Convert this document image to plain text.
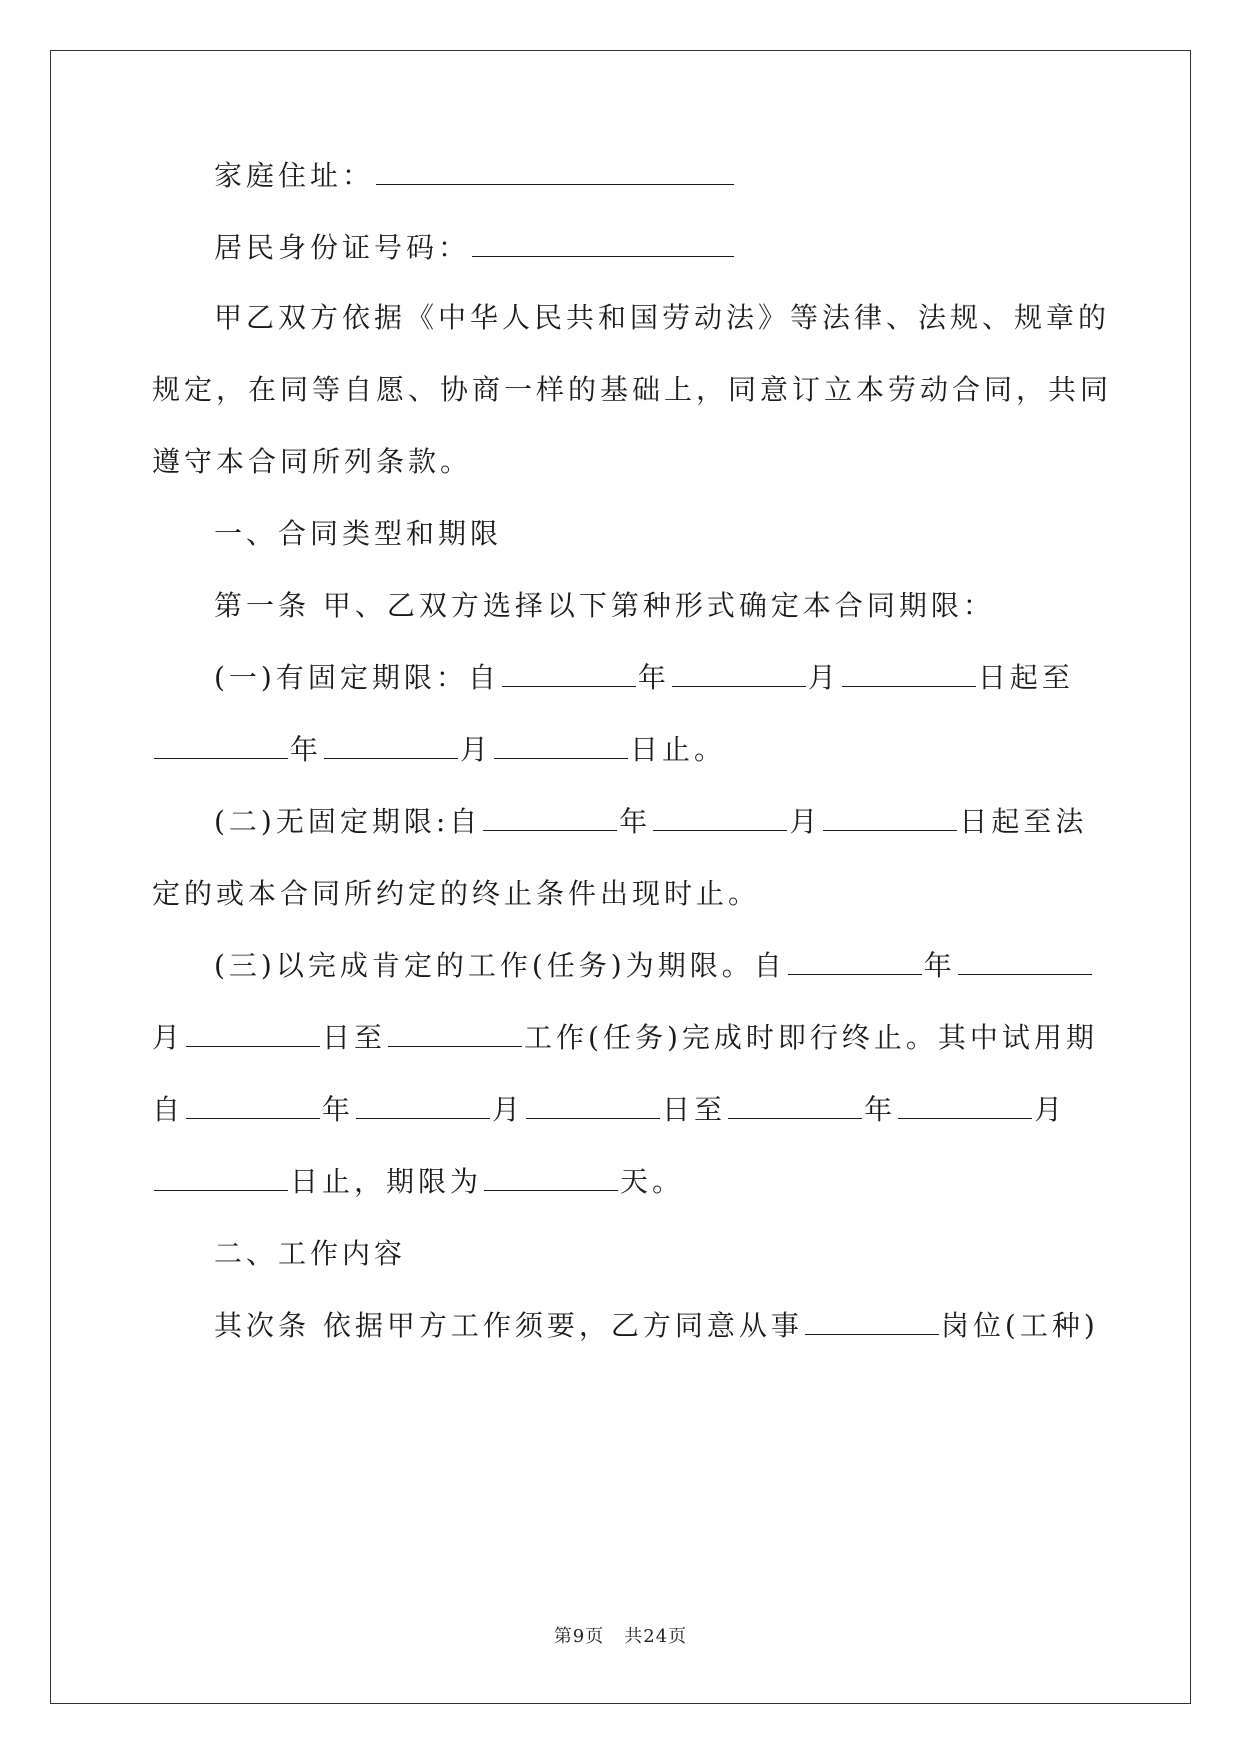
家庭住址：
居民身份证号码：
甲乙双方依据《中华人民共和国劳动法》等法律、法规、规章的
规定，在同等自愿、协商一样的基础上，同意订立本劳动合同，共同
遵守本合同所列条款。
一、合同类型和期限
第一条 甲、乙双方选择以下第种形式确定本合同期限：
(一)有固定期限：自	年	月	日起至
年	月	日止。
(二)无固定期限:自	年	月	日起至法
定的或本合同所约定的终止条件出现时止。
(三)以完成肯定的工作(任务)为期限。自	年
月	日至	工作(任务)完成时即行终止。其中试用期
自	年	月	日至	年	月
日止，期限为	天。
二、工作内容
其次条 依据甲方工作须要，乙方同意从事	岗位(工种)
第9页 共24页
